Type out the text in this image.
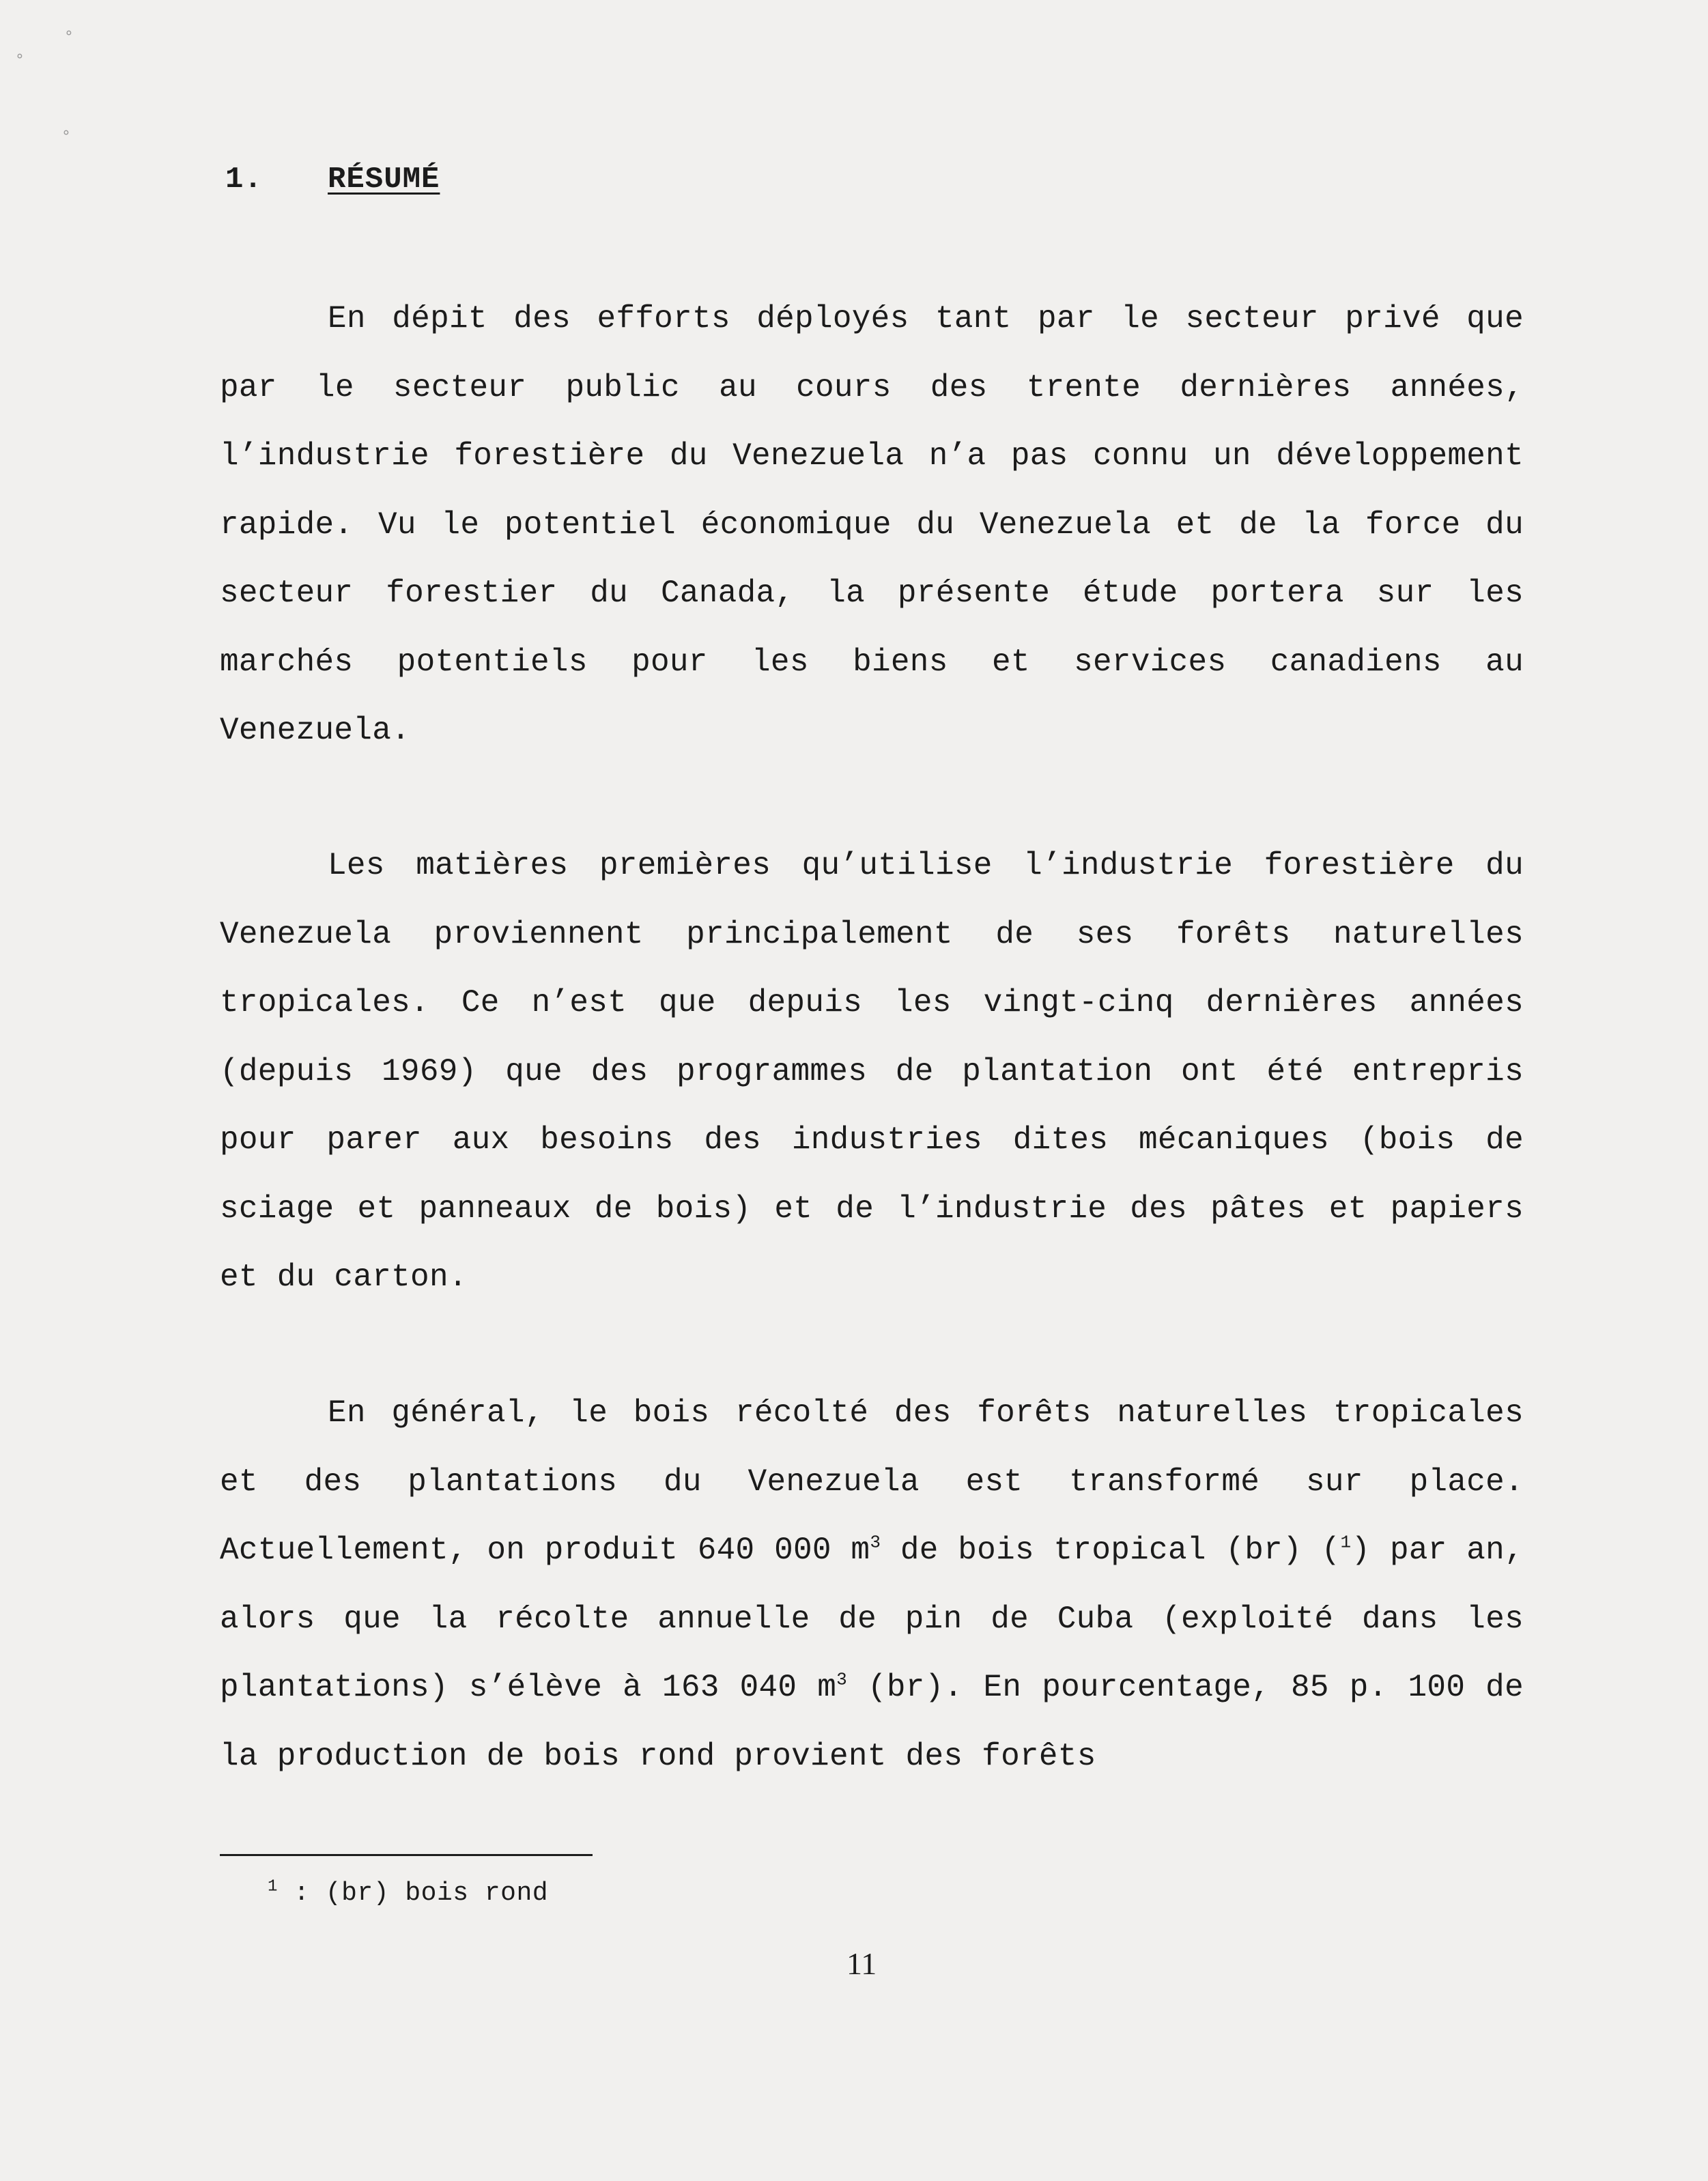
∘
∘
∘
1. RÉSUMÉ

En dépit des efforts déployés tant par le secteur privé que par le secteur public au cours des trente dernières années, l’industrie forestière du Venezuela n’a pas connu un développement rapide. Vu le potentiel économique du Venezuela et de la force du secteur forestier du Canada, la présente étude portera sur les marchés potentiels pour les biens et services canadiens au Venezuela.

Les matières premières qu’utilise l’industrie forestière du Venezuela proviennent principalement de ses forêts naturelles tropicales. Ce n’est que depuis les vingt-cinq dernières années (depuis 1969) que des programmes de plantation ont été entrepris pour parer aux besoins des industries dites mécaniques (bois de sciage et panneaux de bois) et de l’industrie des pâtes et papiers et du carton.

En général, le bois récolté des forêts naturelles tropicales et des plantations du Venezuela est transformé sur place. Actuellement, on produit 640 000 $m^3$ de bois tropical (br) ($^1$) par an, alors que la récolte annuelle de pin de Cuba (exploité dans les plantations) s’élève à 163 040 $m^3$ (br). En pourcentage, 85 p. 100 de la production de bois rond provient des forêts

$^1$ : (br) bois rond
11
